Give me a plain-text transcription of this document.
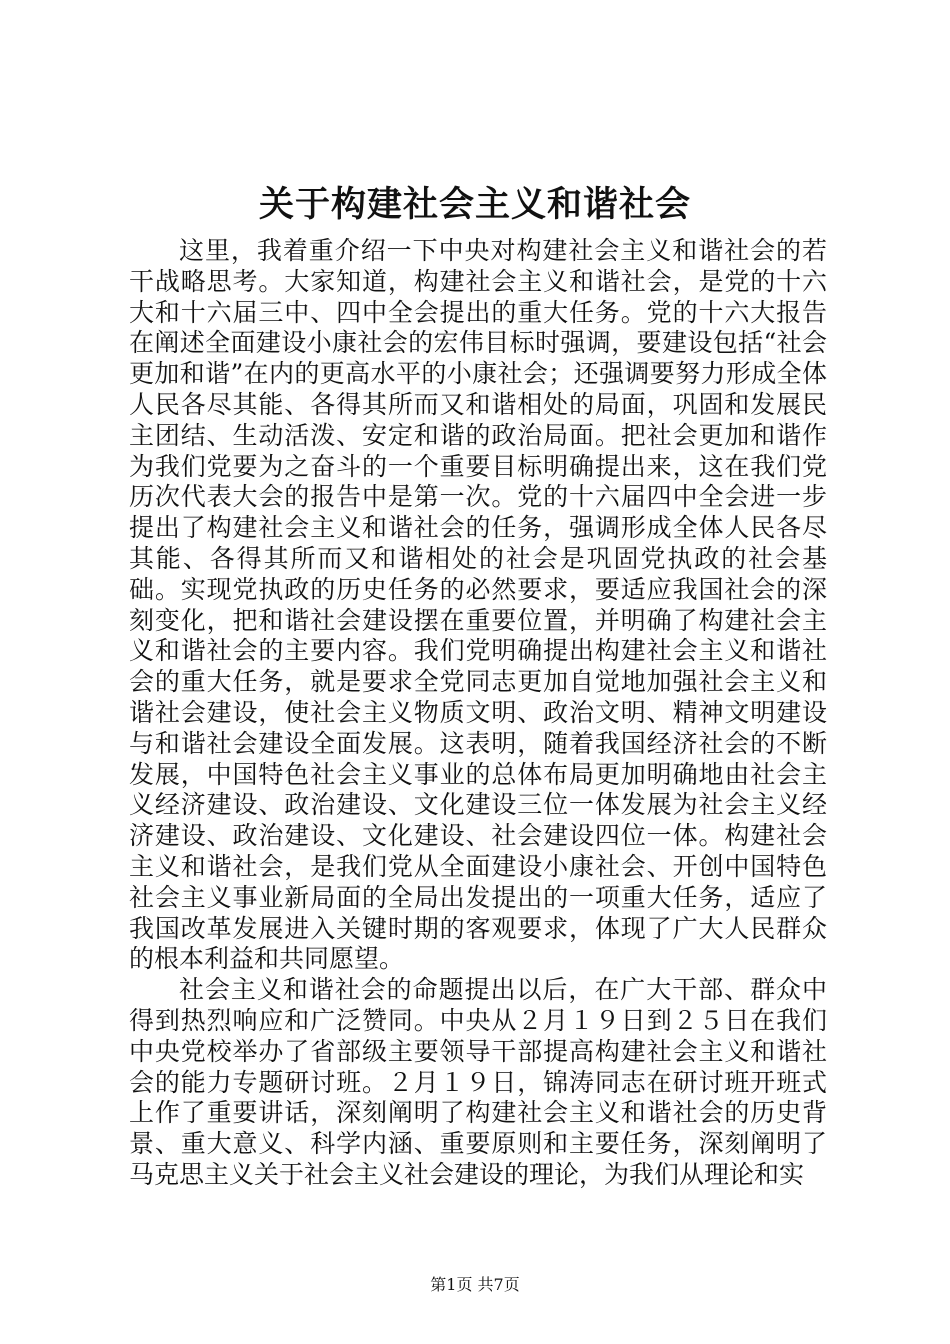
关于构建社会主义和谐社会

这里，我着重介绍一下中央对构建社会主义和谐社会的若干战略思考。大家知道，构建社会主义和谐社会，是党的十六大和十六届三中、四中全会提出的重大任务。党的十六大报告在阐述全面建设小康社会的宏伟目标时强调，要建设包括“社会更加和谐”在内的更高水平的小康社会；还强调要努力形成全体人民各尽其能、各得其所而又和谐相处的局面，巩固和发展民主团结、生动活泼、安定和谐的政治局面。把社会更加和谐作为我们党要为之奋斗的一个重要目标明确提出来，这在我们党历次代表大会的报告中是第一次。党的十六届四中全会进一步提出了构建社会主义和谐社会的任务，强调形成全体人民各尽其能、各得其所而又和谐相处的社会是巩固党执政的社会基础。实现党执政的历史任务的必然要求，要适应我国社会的深刻变化，把和谐社会建设摆在重要位置，并明确了构建社会主义和谐社会的主要内容。我们党明确提出构建社会主义和谐社会的重大任务，就是要求全党同志更加自觉地加强社会主义和谐社会建设，使社会主义物质文明、政治文明、精神文明建设与和谐社会建设全面发展。这表明，随着我国经济社会的不断发展，中国特色社会主义事业的总体布局更加明确地由社会主义经济建设、政治建设、文化建设三位一体发展为社会主义经济建设、政治建设、文化建设、社会建设四位一体。构建社会主义和谐社会，是我们党从全面建设小康社会、开创中国特色社会主义事业新局面的全局出发提出的一项重大任务，适应了我国改革发展进入关键时期的客观要求，体现了广大人民群众的根本利益和共同愿望。

社会主义和谐社会的命题提出以后，在广大干部、群众中得到热烈响应和广泛赞同。中央从２月１９日到２５日在我们中央党校举办了省部级主要领导干部提高构建社会主义和谐社会的能力专题研讨班。２月１９日，锦涛同志在研讨班开班式上作了重要讲话，深刻阐明了构建社会主义和谐社会的历史背景、重大意义、科学内涵、重要原则和主要任务，深刻阐明了马克思主义关于社会主义社会建设的理论，为我们从理论和实

第1页 共7页
